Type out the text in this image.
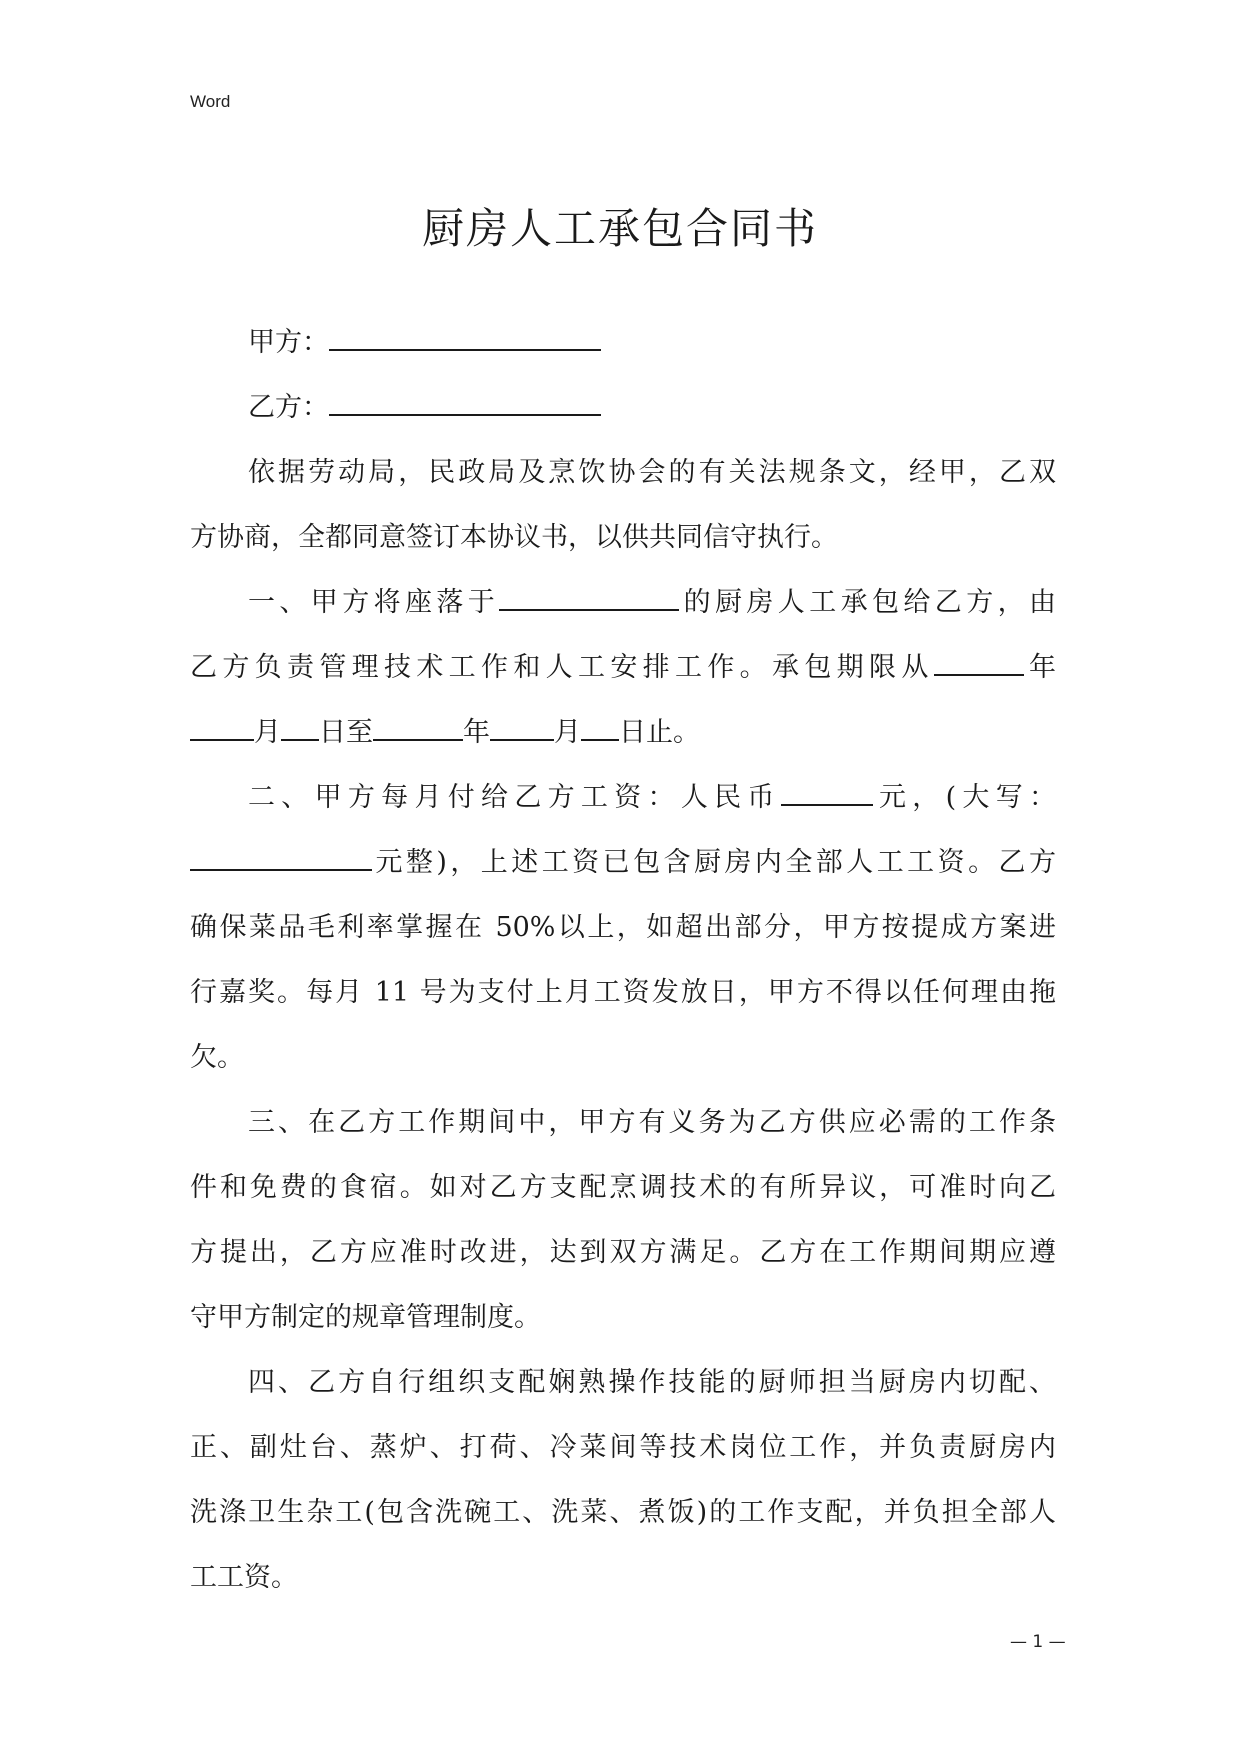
Word
厨房人工承包合同书
甲方：
乙方：
依据劳动局，民政局及烹饮协会的有关法规条文，经甲，乙双
方协商，全都同意签订本协议书，以供共同信守执行。
一、甲方将座落于	的厨房人工承包给乙方，由
乙方负责管理技术工作和人工安排工作。承包期限从	年
月 日至	年 月 日止。
二、甲方每月付给乙方工资：人民币	元，(大写：
元整)，上述工资已包含厨房内全部人工工资。乙方
确保菜品毛利率掌握在 50%以上，如超出部分，甲方按提成方案进
行嘉奖。每月 11 号为支付上月工资发放日，甲方不得以任何理由拖
欠。
三、在乙方工作期间中，甲方有义务为乙方供应必需的工作条
件和免费的食宿。如对乙方支配烹调技术的有所异议，可准时向乙
方提出，乙方应准时改进，达到双方满足。乙方在工作期间期应遵
守甲方制定的规章管理制度。
四、乙方自行组织支配娴熟操作技能的厨师担当厨房内切配、
正、副灶台、蒸炉、打荷、冷菜间等技术岗位工作，并负责厨房内
洗涤卫生杂工(包含洗碗工、洗菜、煮饭)的工作支配，并负担全部人
工工资。
— 1 —
